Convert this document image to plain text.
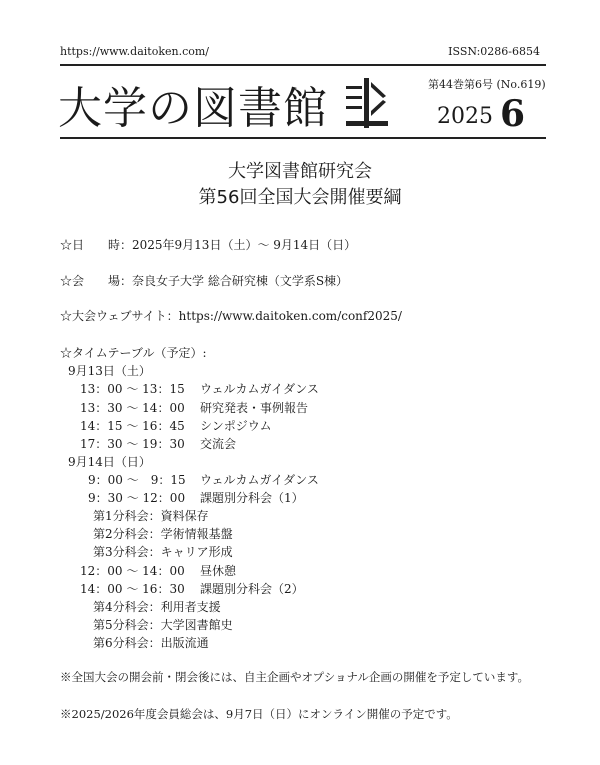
https://www.daitoken.com/	ISSN:0286-6854
大学の図書館	第44巻第6号 (No.619)
2025 6
大学図書館研究会
第56回全国大会開催要綱
☆日　　時：2025年9月13日（土）～ 9月14日（日）
☆会　　場：奈良女子大学 総合研究棟（文学系S棟）
☆大会ウェブサイト：https://www.daitoken.com/conf2025/
☆タイムテーブル（予定）:
9月13日（土）
13：00 ～ 13：15 ウェルカムガイダンス
13：30 ～ 14：00 研究発表・事例報告
14：15 ～ 16：45 シンポジウム
17：30 ～ 19：30 交流会
9月14日（日）
9：00 ～　9：15 ウェルカムガイダンス
9：30 ～ 12：00 課題別分科会（1）
第1分科会：資料保存
第2分科会：学術情報基盤
第3分科会：キャリア形成
12：00 ～ 14：00 昼休憩
14：00 ～ 16：30 課題別分科会（2）
第4分科会：利用者支援
第5分科会：大学図書館史
第6分科会：出版流通
※全国大会の開会前・閉会後には、自主企画やオプショナル企画の開催を予定しています。
※2025/2026年度会員総会は、9月7日（日）にオンライン開催の予定です。
